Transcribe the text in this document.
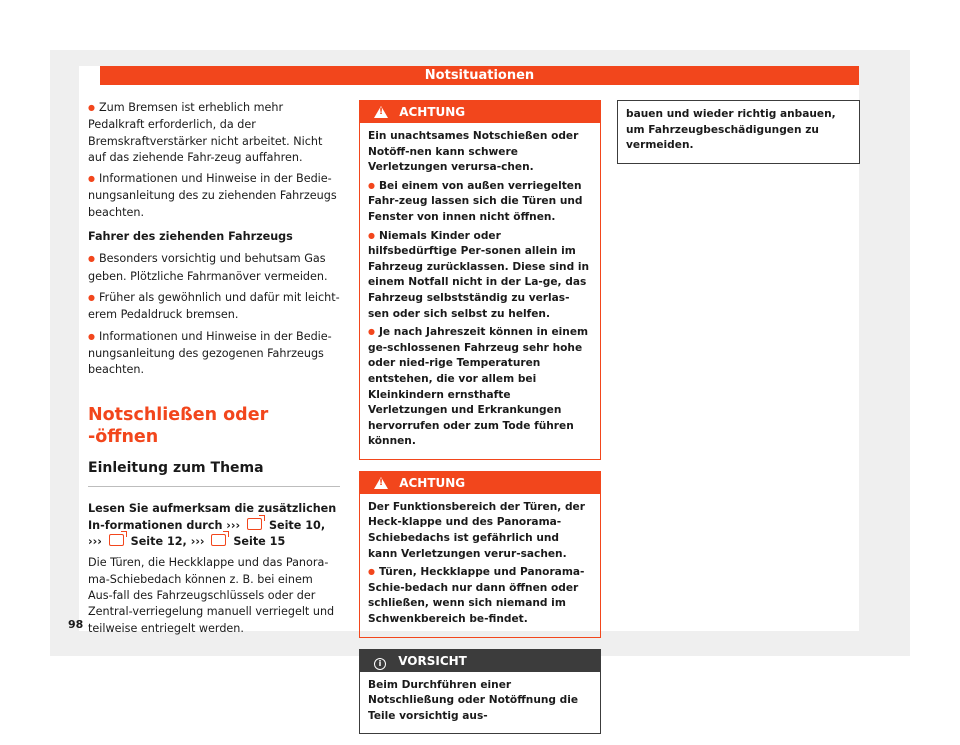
Notsituationen

● Zum Bremsen ist erheblich mehr Pedalkraft erforderlich, da der Bremskraftverstärker nicht arbeitet. Nicht auf das ziehende Fahr-zeug auffahren.

● Informationen und Hinweise in der Bedie-nungsanleitung des zu ziehenden Fahrzeugs beachten.

Fahrer des ziehenden Fahrzeugs

● Besonders vorsichtig und behutsam Gas geben. Plötzliche Fahrmanöver vermeiden.

● Früher als gewöhnlich und dafür mit leicht-erem Pedaldruck bremsen.

● Informationen und Hinweise in der Bedie-nungsanleitung des gezogenen Fahrzeugs beachten.

Notschließen oder -öffnen
Einleitung zum Thema

Lesen Sie aufmerksam die zusätzlichen In-formationen durch ›››	Seite 10, ›››	Seite 12, ›››	Seite 15

Die Türen, die Heckklappe und das Panora-ma-Schiebedach können z. B. bei einem Aus-fall des Fahrzeugschlüssels oder der Zentral-verriegelung manuell verriegelt und teilweise entriegelt werden.

! ACHTUNG

Ein unachtsames Notschießen oder Notöff-nen kann schwere Verletzungen verursa-chen.

● Bei einem von außen verriegelten Fahr-zeug lassen sich die Türen und Fenster von innen nicht öffnen.

● Niemals Kinder oder hilfsbedürftige Per-sonen allein im Fahrzeug zurücklassen. Diese sind in einem Notfall nicht in der La-ge, das Fahrzeug selbstständig zu verlas-sen oder sich selbst zu helfen.

● Je nach Jahreszeit können in einem ge-schlossenen Fahrzeug sehr hohe oder nied-rige Temperaturen entstehen, die vor allem bei Kleinkindern ernsthafte Verletzungen und Erkrankungen hervorrufen oder zum Tode führen können.

! ACHTUNG

Der Funktionsbereich der Türen, der Heck-klappe und des Panorama-Schiebedachs ist gefährlich und kann Verletzungen verur-sachen.

● Türen, Heckklappe und Panorama-Schie-bedach nur dann öffnen oder schließen, wenn sich niemand im Schwenkbereich be-findet.

i VORSICHT

Beim Durchführen einer Notschließung oder Notöffnung die Teile vorsichtig aus-

bauen und wieder richtig anbauen, um Fahrzeugbeschädigungen zu vermeiden.

98
